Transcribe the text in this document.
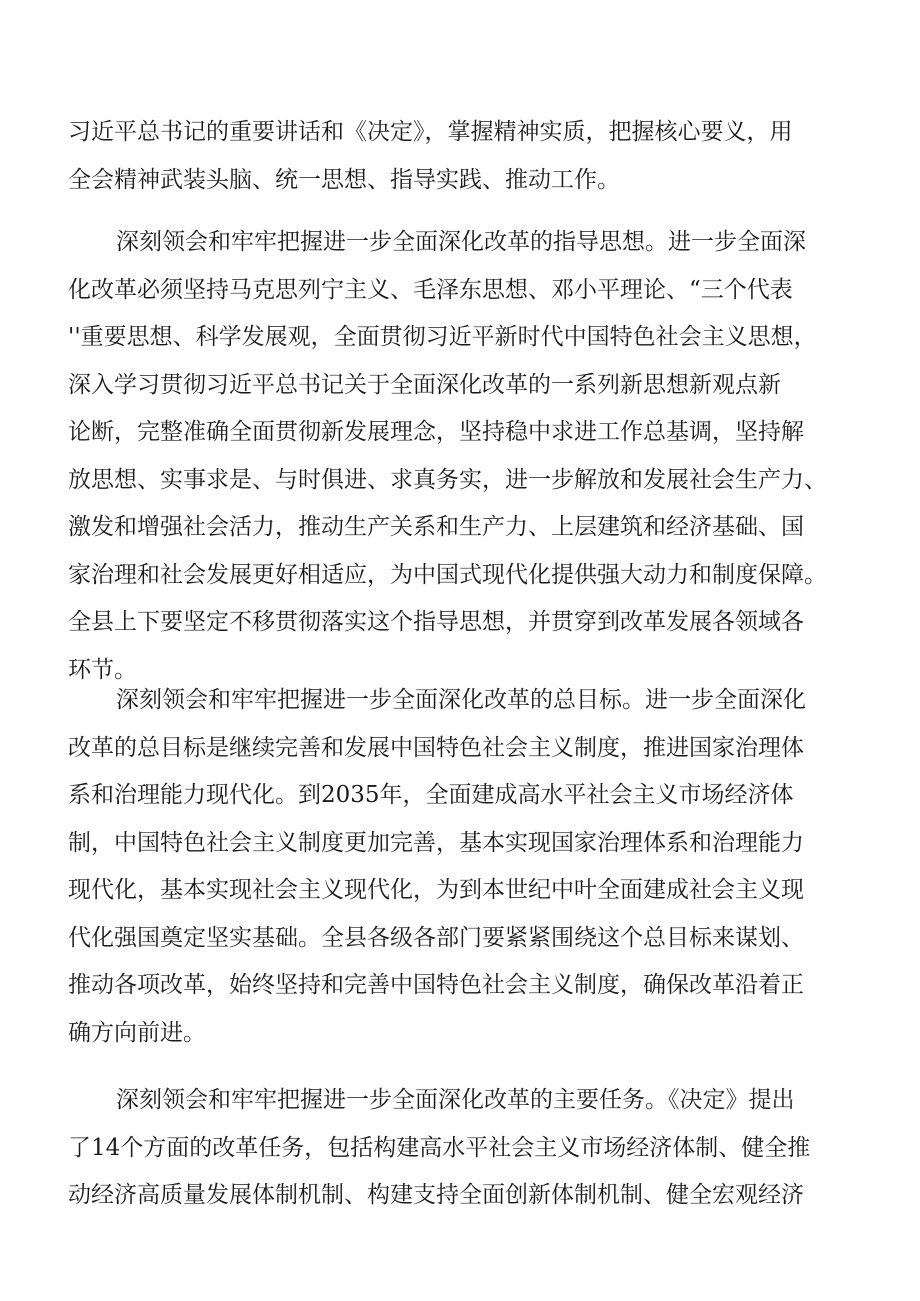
习近平总书记的重要讲话和《决定》，掌握精神实质，把握核心要义，用
全会精神武装头脑、统一思想、指导实践、推动工作。
深刻领会和牢牢把握进一步全面深化改革的指导思想。进一步全面深
化改革必须坚持马克思列宁主义、毛泽东思想、邓小平理论、“三个代表
''重要思想、科学发展观，全面贯彻习近平新时代中国特色社会主义思想，
深入学习贯彻习近平总书记关于全面深化改革的一系列新思想新观点新
论断，完整准确全面贯彻新发展理念，坚持稳中求进工作总基调，坚持解
放思想、实事求是、与时俱进、求真务实，进一步解放和发展社会生产力、
激发和增强社会活力，推动生产关系和生产力、上层建筑和经济基础、国
家治理和社会发展更好相适应，为中国式现代化提供强大动力和制度保障。
全县上下要坚定不移贯彻落实这个指导思想，并贯穿到改革发展各领域各
环节。
深刻领会和牢牢把握进一步全面深化改革的总目标。进一步全面深化
改革的总目标是继续完善和发展中国特色社会主义制度，推进国家治理体
系和治理能力现代化。到2035年，全面建成高水平社会主义市场经济体
制，中国特色社会主义制度更加完善，基本实现国家治理体系和治理能力
现代化，基本实现社会主义现代化，为到本世纪中叶全面建成社会主义现
代化强国奠定坚实基础。全县各级各部门要紧紧围绕这个总目标来谋划、
推动各项改革，始终坚持和完善中国特色社会主义制度，确保改革沿着正
确方向前进。
深刻领会和牢牢把握进一步全面深化改革的主要任务。《决定》提出
了14个方面的改革任务，包括构建高水平社会主义市场经济体制、健全推
动经济高质量发展体制机制、构建支持全面创新体制机制、健全宏观经济
